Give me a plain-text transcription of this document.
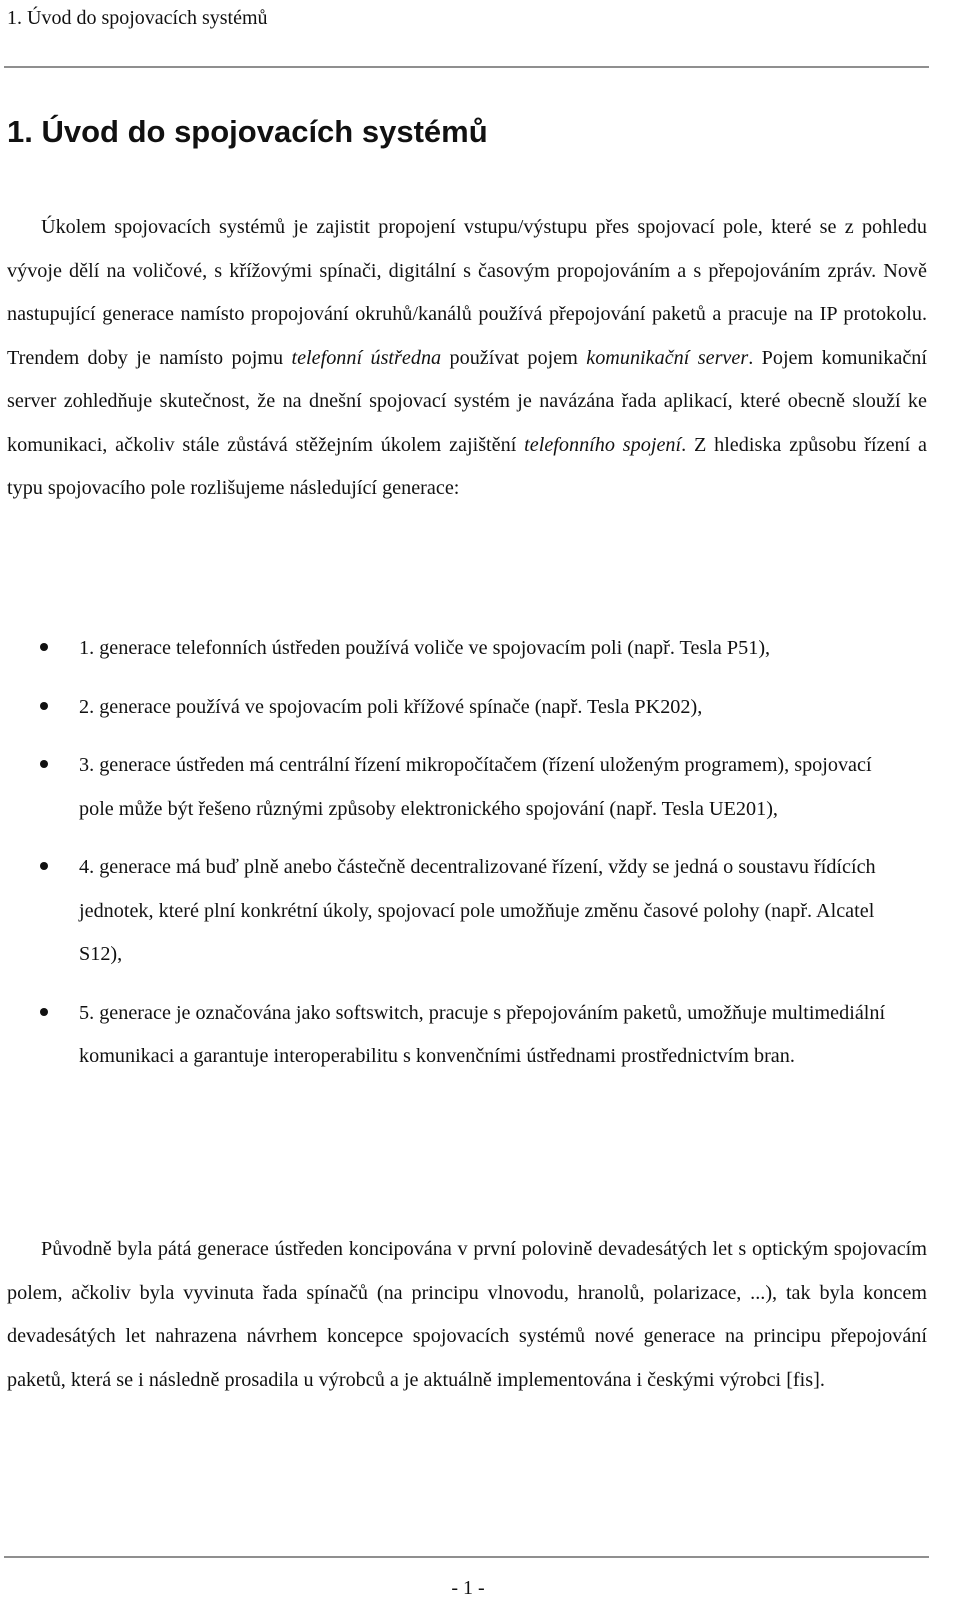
1. Úvod do spojovacích systémů
1. Úvod do spojovacích systémů

Úkolem spojovacích systémů je zajistit propojení vstupu/výstupu přes spojovací pole, které se z pohledu vývoje dělí na voličové, s křížovými spínači, digitální s časovým propojováním a s přepojováním zpráv. Nově nastupující generace namísto propojování okruhů/kanálů používá přepojování paketů a pracuje na IP protokolu. Trendem doby je namísto pojmu telefonní ústředna používat pojem komunikační server. Pojem komunikační server zohledňuje skutečnost, že na dnešní spojovací systém je navázána řada aplikací, které obecně slouží ke komunikaci, ačkoliv stále zůstává stěžejním úkolem zajištění telefonního spojení. Z hlediska způsobu řízení a typu spojovacího pole rozlišujeme následující generace:

1. generace telefonních ústředen používá voliče ve spojovacím poli (např. Tesla P51),
2. generace používá ve spojovacím poli křížové spínače (např. Tesla PK202),
3. generace ústředen má centrální řízení mikropočítačem (řízení uloženým programem), spojovací pole může být řešeno různými způsoby elektronického spojování (např. Tesla UE201),
4. generace má buď plně anebo částečně decentralizované řízení, vždy se jedná o soustavu řídících jednotek, které plní konkrétní úkoly, spojovací pole umožňuje změnu časové polohy (např. Alcatel S12),
5. generace je označována jako softswitch, pracuje s přepojováním paketů, umožňuje multimediální komunikaci a garantuje interoperabilitu s konvenčními ústřednami prostřednictvím bran.

Původně byla pátá generace ústředen koncipována v první polovině devadesátých let s optickým spojovacím polem, ačkoliv byla vyvinuta řada spínačů (na principu vlnovodu, hranolů, polarizace, ...), tak byla koncem devadesátých let nahrazena návrhem koncepce spojovacích systémů nové generace na principu přepojování paketů, která se i následně prosadila u výrobců a je aktuálně implementována i českými výrobci [fis].

- 1 -
